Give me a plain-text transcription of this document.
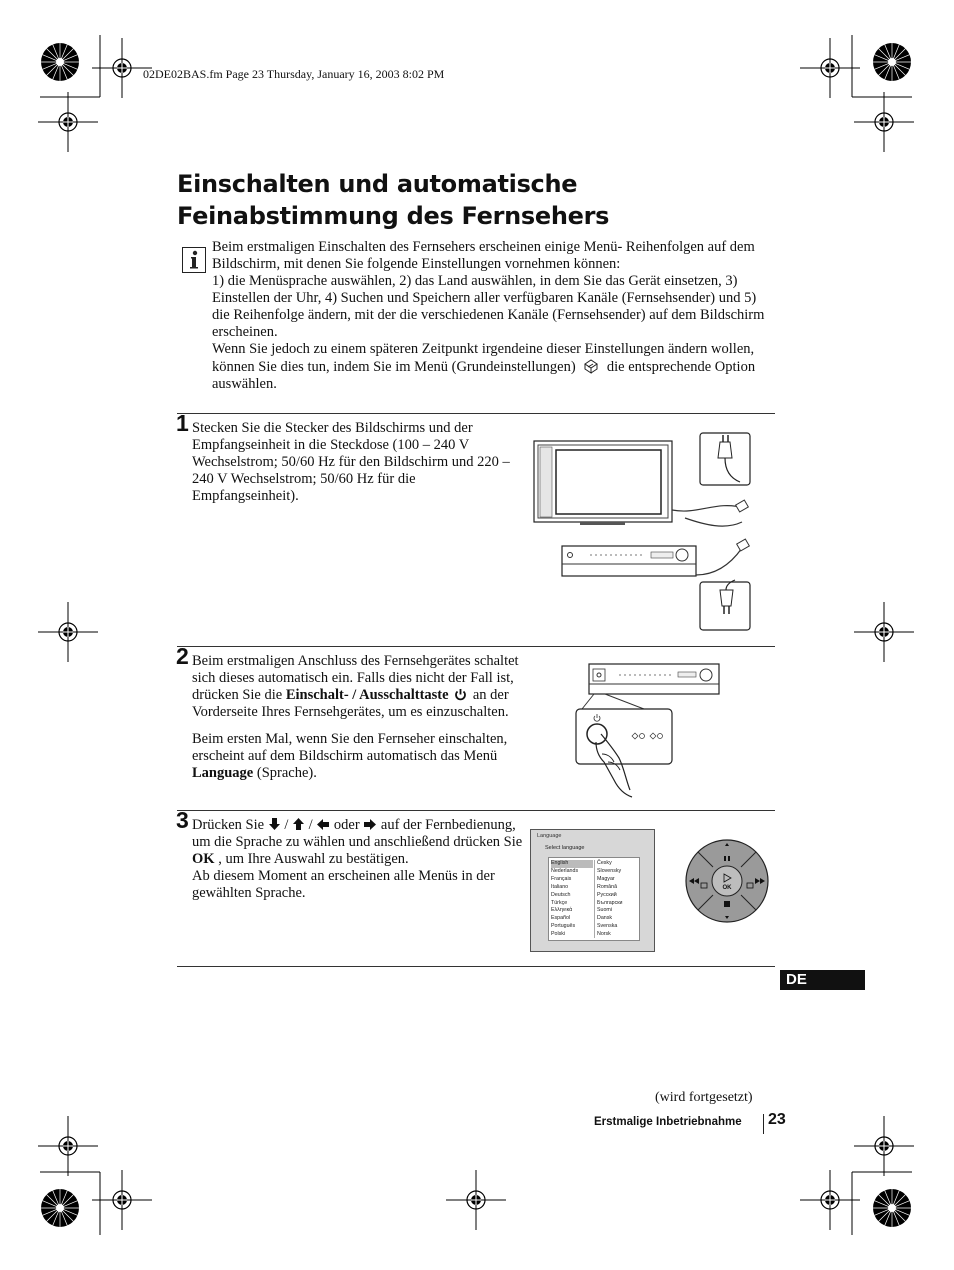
02DE02BAS.fm Page 23 Thursday, January 16, 2003 8:02 PM
Einschalten und automatische
Feinabstimmung des Fernsehers

Beim erstmaligen Einschalten des Fernsehers erscheinen einige Menü- Reihenfolgen auf dem Bildschirm, mit denen Sie folgende Einstellungen vornehmen können:

1) die Menüsprache auswählen, 2) das Land auswählen, in dem Sie das Gerät einsetzen, 3) Einstellen der Uhr, 4) Suchen und Speichern aller verfügbaren Kanäle (Fernsehsender) und 5) die Reihenfolge ändern, mit der die verschiedenen Kanäle (Fernsehsender) auf dem Bildschirm erscheinen.

Wenn Sie jedoch zu einem späteren Zeitpunkt irgendeine dieser Einstellungen ändern wollen, können Sie dies tun, indem Sie im Menü (Grundeinstellungen)  die entsprechende Option auswählen.

1 Stecken Sie die Stecker des Bildschirms und der Empfangseinheit in die Steckdose (100 – 240 V Wechselstrom; 50/60 Hz für den Bildschirm und 220 – 240 V Wechselstrom; 50/60 Hz für die Empfangseinheit).
2 Beim erstmaligen Anschluss des Fernsehgerätes schaltet sich dieses automatisch ein. Falls dies nicht der Fall ist, drücken Sie die Einschalt- / Ausschalttaste  an der Vorderseite Ihres Fernsehgerätes, um es einzuschalten.

Beim ersten Mal, wenn Sie den Fernseher einschalten, erscheint auf dem Bildschirm automatisch das Menü Language (Sprache).

3 Drücken Sie  /  /  oder  auf der Fernbedienung, um die Sprache zu wählen und anschließend drücken Sie OK , um Ihre Auswahl zu bestätigen.
Ab diesem Moment an erscheinen alle Menüs in der gewählten Sprache.
Language
Select language
English
Nederlands
Français
Italiano
Deutsch
Türkçe
Ελληνικά
Español
Português
Polski
Česky
Slovensky
Magyar
Română
Русский
Български
Suomi
Dansk
Svenska
Norsk
OK
DE
(wird fortgesetzt)
Erstmalige Inbetriebnahme 23
